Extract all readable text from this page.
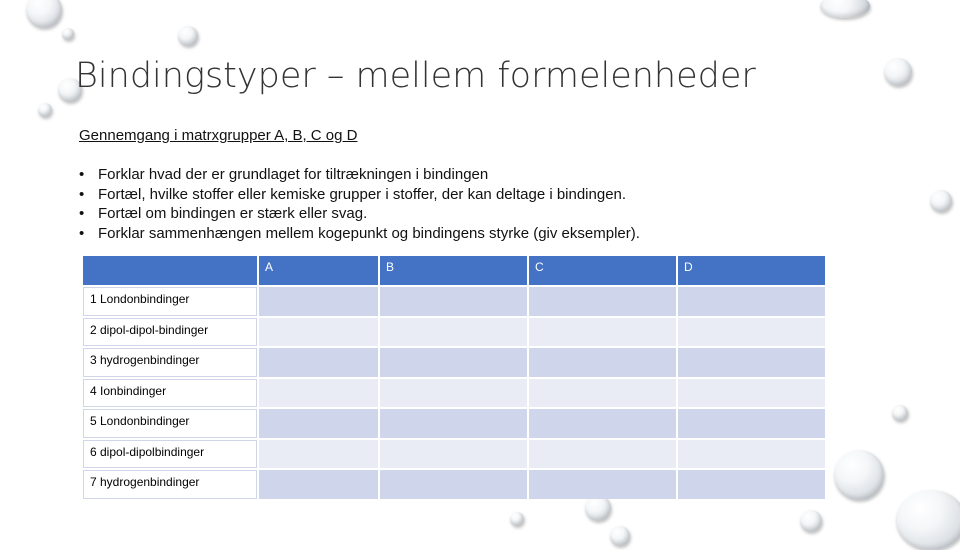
Bindingstyper – mellem formelenheder
Gennemgang i matrxgrupper A, B, C og D
• Forklar hvad der er grundlaget for tiltrækningen i bindingen
• Fortæl, hvilke stoffer eller kemiske grupper i stoffer, der kan deltage i bindingen.
• Fortæl om bindingen er stærk eller svag.
• Forklar sammenhængen mellem kogepunkt og bindingens styrke (giv eksempler).
	A	B	C	D
1 Londonbindinger				
2 dipol-dipol-bindinger				
3 hydrogenbindinger				
4 Ionbindinger				
5 Londonbindinger				
6 dipol-dipolbindinger				
7 hydrogenbindinger				
